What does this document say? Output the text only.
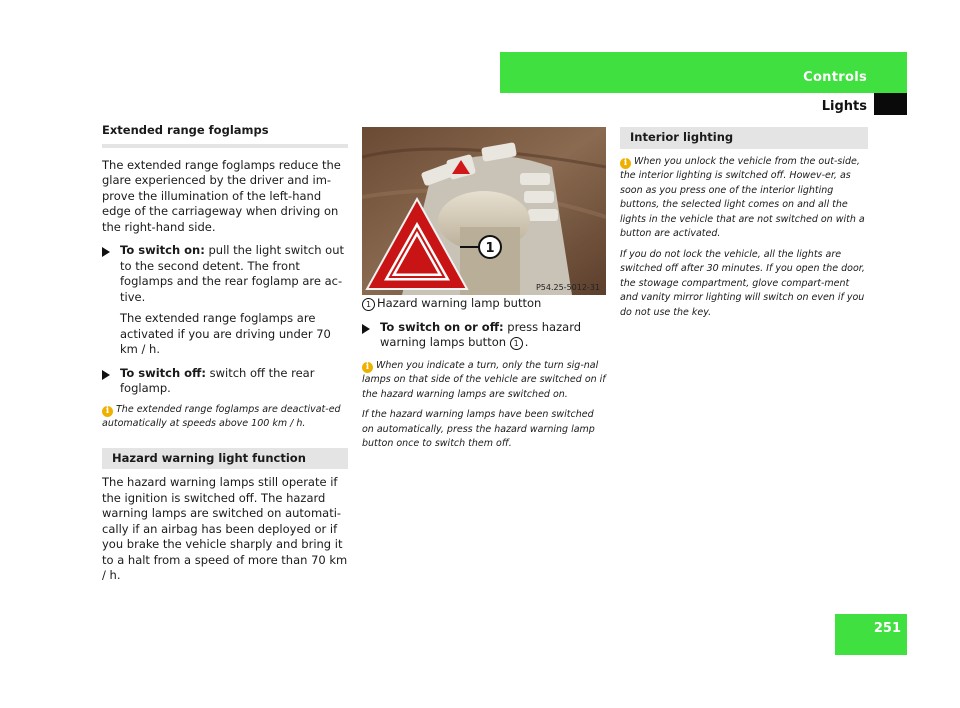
Controls
Lights
Extended range foglamps

The extended range foglamps reduce the glare experienced by the driver and im-prove the illumination of the left-hand edge of the carriageway when driving on the right-hand side.

To switch on: pull the light switch out to the second detent. The front foglamps and the rear foglamp are ac-tive.

The extended range foglamps are activated if you are driving under 70 km / h.

To switch off: switch off the rear foglamp.

i The extended range foglamps are deactivat-ed automatically at speeds above 100 km / h.

Hazard warning light function

The hazard warning lamps still operate if the ignition is switched off. The hazard warning lamps are switched on automati-cally if an airbag has been deployed or if you brake the vehicle sharply and bring it to a halt from a speed of more than 70 km / h.

1
P54.25-5012-31

1 Hazard warning lamp button

To switch on or off: press hazard warning lamps button 1 .

i When you indicate a turn, only the turn sig-nal lamps on that side of the vehicle are switched on if the hazard warning lamps are switched on.

If the hazard warning lamps have been switched on automatically, press the hazard warning lamp button once to switch them off.

Interior lighting

i When you unlock the vehicle from the out-side, the interior lighting is switched off. Howev-er, as soon as you press one of the interior lighting buttons, the selected light comes on and all the lights in the vehicle that are not switched on with a button are activated.

If you do not lock the vehicle, all the lights are switched off after 30 minutes. If you open the door, the stowage compartment, glove compart-ment and vanity mirror lighting will switch on even if you do not use the key.

251
